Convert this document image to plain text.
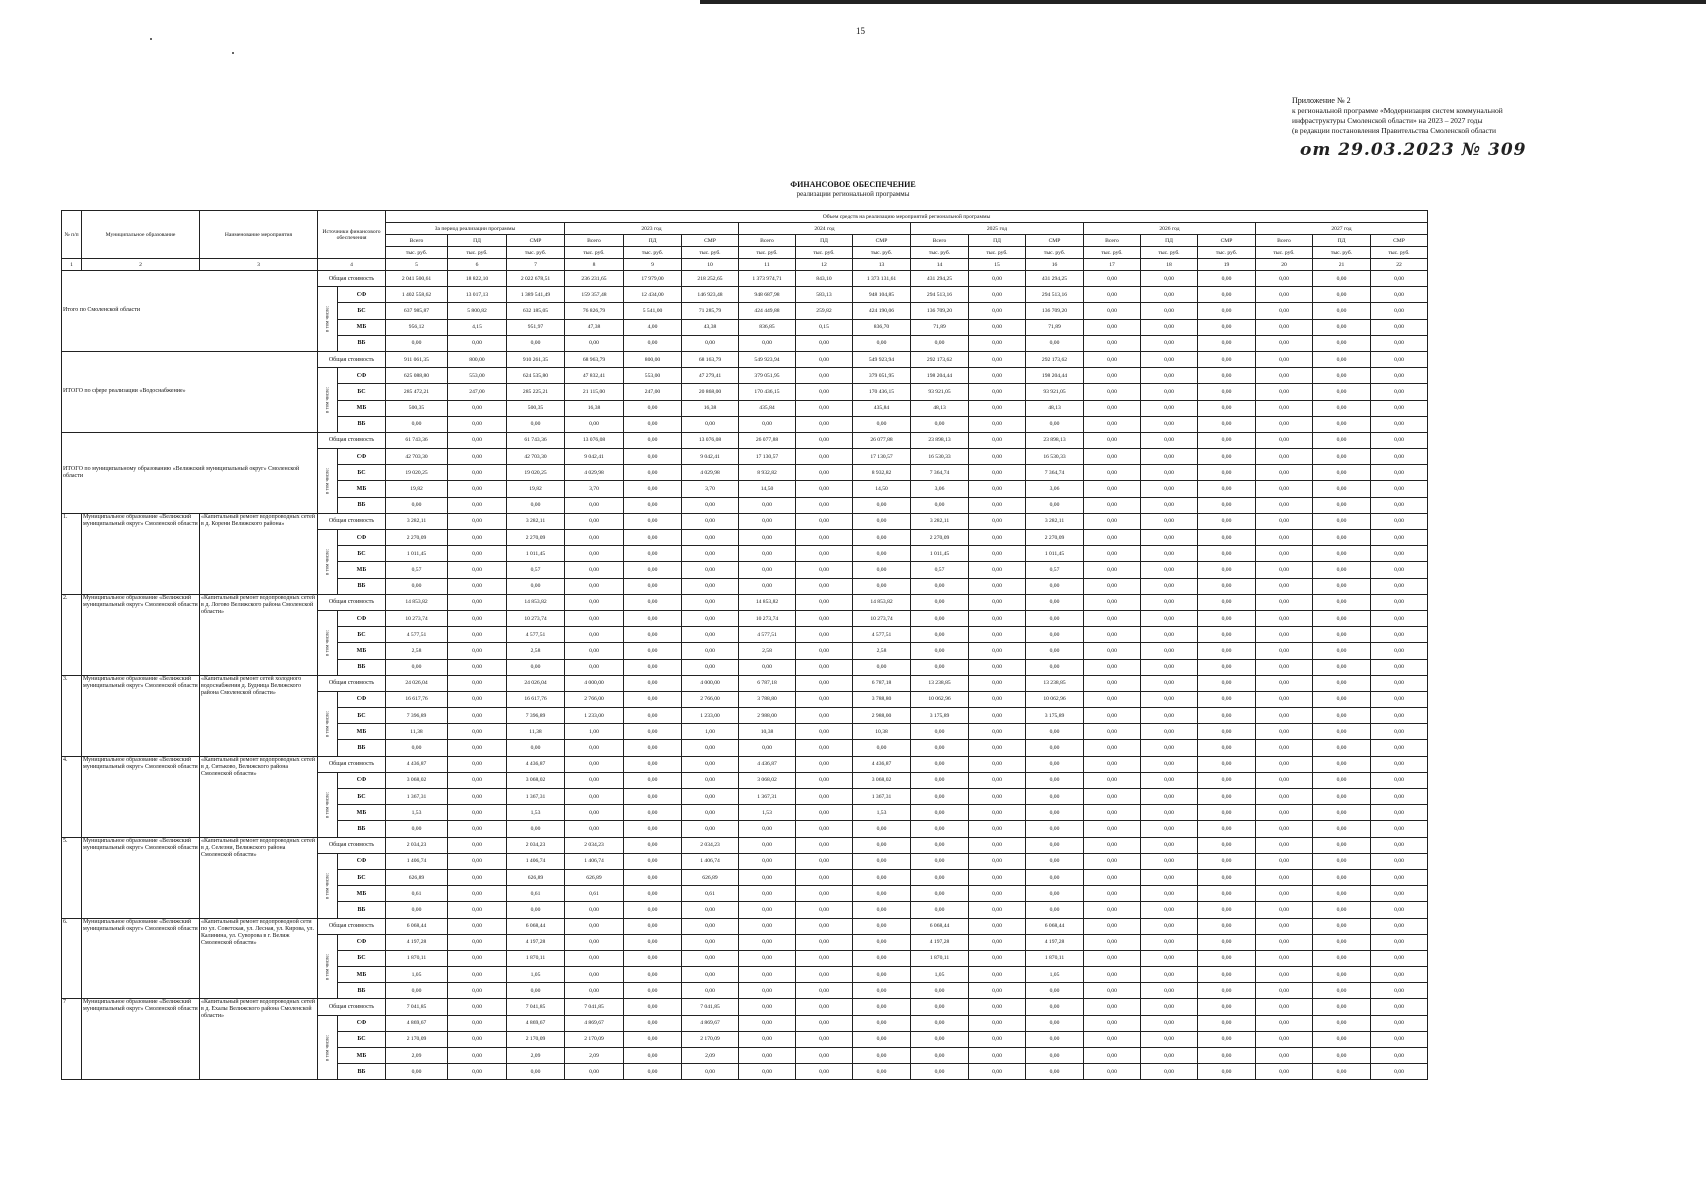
15
Приложение № 2
к региональной программе «Модернизация систем коммунальной
инфраструктуры Смоленской области» на 2023 – 2027 годы
(в редакции постановления Правительства Смоленской области
от 29.03.2023 № 309
ФИНАНСОВОЕ ОБЕСПЕЧЕНИЕ
реализации региональной программы
№ п/п	Муниципальное образование	Наименование мероприятия	Источники финансового обеспечения		Объем средств на реализацию мероприятий региональной программы																	
					За период реализации программы			2023 год			2024 год			2025 год			2026 год			2027 год		
					Всего	ПД	СМР	Всего	ПД	СМР	Всего	ПД	СМР	Всего	ПД	СМР	Всего	ПД	СМР	Всего	ПД	СМР
					тыс. руб.	тыс. руб.	тыс. руб.	тыс. руб.	тыс. руб.	тыс. руб.	тыс. руб.	тыс. руб.	тыс. руб.	тыс. руб.	тыс. руб.	тыс. руб.	тыс. руб.	тыс. руб.	тыс. руб.	тыс. руб.	тыс. руб.	тыс. руб.
1	2	3	4		5	6	7	8	9	10	11	12	13	14	15	16	17	18	19	20	21	22
Итого по Смоленской области			Общая стоимость		2 041 500,61	18 822,10	2 022 678,51	236 231,65	17 979,00	218 252,65	1 373 974,71	843,10	1 373 131,61	431 294,25	0,00	431 294,25	0,00	0,00	0,00	0,00	0,00	0,00

			в том числе:	СФ	1 402 558,62	13 017,13	1 389 541,49	159 357,48	12 434,00	146 923,48	948 687,98	583,13	948 104,85	294 513,16	0,00	294 513,16	0,00	0,00	0,00	0,00	0,00	0,00
				БС	637 985,87	5 800,82	632 185,05	76 826,79	5 541,00	71 285,79	424 449,88	259,82	424 190,06	136 709,20	0,00	136 709,20	0,00	0,00	0,00	0,00	0,00	0,00
				МБ	956,12	4,15	951,97	47,38	4,00	43,38	836,85	0,15	836,70	71,89	0,00	71,89	0,00	0,00	0,00	0,00	0,00	0,00
				ВБ	0,00	0,00	0,00	0,00	0,00	0,00	0,00	0,00	0,00	0,00	0,00	0,00	0,00	0,00	0,00	0,00	0,00	0,00
ИТОГО по сфере реализации «Водоснабжение»			Общая стоимость		911 061,35	800,00	910 261,35	68 963,79	800,00	68 163,79	549 923,94	0,00	549 923,94	292 173,62	0,00	292 173,62	0,00	0,00	0,00	0,00	0,00	0,00

			в том числе:	СФ	625 088,80	553,00	624 535,80	47 832,41	553,00	47 279,41	379 051,95	0,00	379 051,95	198 204,44	0,00	198 204,44	0,00	0,00	0,00	0,00	0,00	0,00
				БС	285 472,21	247,00	285 225,21	21 115,00	247,00	20 868,00	170 436,15	0,00	170 436,15	93 921,05	0,00	93 921,05	0,00	0,00	0,00	0,00	0,00	0,00
				МБ	500,35	0,00	500,35	16,38	0,00	16,38	435,84	0,00	435,84	48,13	0,00	48,13	0,00	0,00	0,00	0,00	0,00	0,00
				ВБ	0,00	0,00	0,00	0,00	0,00	0,00	0,00	0,00	0,00	0,00	0,00	0,00	0,00	0,00	0,00	0,00	0,00	0,00
ИТОГО по муниципальному образованию «Велижский муниципальный округ» Смоленской области			Общая стоимость		61 743,36	0,00	61 743,36	13 076,08	0,00	13 076,08	26 077,88	0,00	26 077,88	23 898,13	0,00	23 898,13	0,00	0,00	0,00	0,00	0,00	0,00

			в том числе:	СФ	42 703,30	0,00	42 703,30	9 042,41	0,00	9 042,41	17 130,57	0,00	17 130,57	16 530,33	0,00	16 530,33	0,00	0,00	0,00	0,00	0,00	0,00
				БС	19 020,25	0,00	19 020,25	4 029,98	0,00	4 029,98	8 932,82	0,00	8 932,82	7 364,74	0,00	7 364,74	0,00	0,00	0,00	0,00	0,00	0,00
				МБ	19,82	0,00	19,82	3,70	0,00	3,70	14,50	0,00	14,50	3,06	0,00	3,06	0,00	0,00	0,00	0,00	0,00	0,00
				ВБ	0,00	0,00	0,00	0,00	0,00	0,00	0,00	0,00	0,00	0,00	0,00	0,00	0,00	0,00	0,00	0,00	0,00	0,00
1.	Муниципальное образование «Велижский муниципальный округ» Смоленской области	«Капитальный ремонт водопроводных сетей в д. Корени Велижского района»	Общая стоимость		3 282,11	0,00	3 282,11	0,00	0,00	0,00	0,00	0,00	0,00	3 282,11	0,00	3 282,11	0,00	0,00	0,00	0,00	0,00	0,00

			в том числе:	СФ	2 270,09	0,00	2 270,09	0,00	0,00	0,00	0,00	0,00	0,00	2 270,09	0,00	2 270,09	0,00	0,00	0,00	0,00	0,00	0,00
				БС	1 011,45	0,00	1 011,45	0,00	0,00	0,00	0,00	0,00	0,00	1 011,45	0,00	1 011,45	0,00	0,00	0,00	0,00	0,00	0,00
				МБ	0,57	0,00	0,57	0,00	0,00	0,00	0,00	0,00	0,00	0,57	0,00	0,57	0,00	0,00	0,00	0,00	0,00	0,00
				ВБ	0,00	0,00	0,00	0,00	0,00	0,00	0,00	0,00	0,00	0,00	0,00	0,00	0,00	0,00	0,00	0,00	0,00	0,00
2.	Муниципальное образование «Велижский муниципальный округ» Смоленской области	«Капитальный ремонт водопроводных сетей в д. Логово Велижского района Смоленской области»	Общая стоимость		14 853,82	0,00	14 853,82	0,00	0,00	0,00	14 853,82	0,00	14 853,82	0,00	0,00	0,00	0,00	0,00	0,00	0,00	0,00	0,00

			в том числе:	СФ	10 273,74	0,00	10 273,74	0,00	0,00	0,00	10 273,74	0,00	10 273,74	0,00	0,00	0,00	0,00	0,00	0,00	0,00	0,00	0,00
				БС	4 577,51	0,00	4 577,51	0,00	0,00	0,00	4 577,51	0,00	4 577,51	0,00	0,00	0,00	0,00	0,00	0,00	0,00	0,00	0,00
				МБ	2,58	0,00	2,58	0,00	0,00	0,00	2,58	0,00	2,58	0,00	0,00	0,00	0,00	0,00	0,00	0,00	0,00	0,00
				ВБ	0,00	0,00	0,00	0,00	0,00	0,00	0,00	0,00	0,00	0,00	0,00	0,00	0,00	0,00	0,00	0,00	0,00	0,00
3.	Муниципальное образование «Велижский муниципальный округ» Смоленской области	«Капитальный ремонт сетей холодного водоснабжения д. Будница Велижского района Смоленской области»	Общая стоимость		24 026,04	0,00	24 026,04	4 000,00	0,00	4 000,00	6 787,18	0,00	6 787,18	13 238,85	0,00	13 238,85	0,00	0,00	0,00	0,00	0,00	0,00

			в том числе:	СФ	16 617,76	0,00	16 617,76	2 766,00	0,00	2 766,00	3 788,80	0,00	3 788,80	10 062,96	0,00	10 062,96	0,00	0,00	0,00	0,00	0,00	0,00
				БС	7 396,89	0,00	7 396,89	1 233,00	0,00	1 233,00	2 988,00	0,00	2 988,00	3 175,89	0,00	3 175,89	0,00	0,00	0,00	0,00	0,00	0,00
				МБ	11,38	0,00	11,38	1,00	0,00	1,00	10,38	0,00	10,38	0,00	0,00	0,00	0,00	0,00	0,00	0,00	0,00	0,00
				ВБ	0,00	0,00	0,00	0,00	0,00	0,00	0,00	0,00	0,00	0,00	0,00	0,00	0,00	0,00	0,00	0,00	0,00	0,00
4.	Муниципальное образование «Велижский муниципальный округ» Смоленской области	«Капитальный ремонт водопроводных сетей в д. Ситьково, Велижского района Смоленской области»	Общая стоимость		4 436,87	0,00	4 436,87	0,00	0,00	0,00	4 436,87	0,00	4 436,87	0,00	0,00	0,00	0,00	0,00	0,00	0,00	0,00	0,00

			в том числе:	СФ	3 068,02	0,00	3 068,02	0,00	0,00	0,00	3 068,02	0,00	3 068,02	0,00	0,00	0,00	0,00	0,00	0,00	0,00	0,00	0,00
				БС	1 367,31	0,00	1 367,31	0,00	0,00	0,00	1 367,31	0,00	1 367,31	0,00	0,00	0,00	0,00	0,00	0,00	0,00	0,00	0,00
				МБ	1,53	0,00	1,53	0,00	0,00	0,00	1,53	0,00	1,53	0,00	0,00	0,00	0,00	0,00	0,00	0,00	0,00	0,00
				ВБ	0,00	0,00	0,00	0,00	0,00	0,00	0,00	0,00	0,00	0,00	0,00	0,00	0,00	0,00	0,00	0,00	0,00	0,00
5.	Муниципальное образование «Велижский муниципальный округ» Смоленской области	«Капитальный ремонт водопроводных сетей в д. Селезни, Велижского района Смоленской области»	Общая стоимость		2 034,23	0,00	2 034,23	2 034,23	0,00	2 034,23	0,00	0,00	0,00	0,00	0,00	0,00	0,00	0,00	0,00	0,00	0,00	0,00

			в том числе:	СФ	1 406,74	0,00	1 406,74	1 406,74	0,00	1 406,74	0,00	0,00	0,00	0,00	0,00	0,00	0,00	0,00	0,00	0,00	0,00	0,00
				БС	626,89	0,00	626,89	626,89	0,00	626,89	0,00	0,00	0,00	0,00	0,00	0,00	0,00	0,00	0,00	0,00	0,00	0,00
				МБ	0,61	0,00	0,61	0,61	0,00	0,61	0,00	0,00	0,00	0,00	0,00	0,00	0,00	0,00	0,00	0,00	0,00	0,00
				ВБ	0,00	0,00	0,00	0,00	0,00	0,00	0,00	0,00	0,00	0,00	0,00	0,00	0,00	0,00	0,00	0,00	0,00	0,00
6.	Муниципальное образование «Велижский муниципальный округ» Смоленской области	«Капитальный ремонт водопроводной сети по ул. Советская, ул. Лесная, ул. Кирова, ул. Калинина, ул. Суворова в г. Велиж Смоленской области»	Общая стоимость		6 068,44	0,00	6 068,44	0,00	0,00	0,00	0,00	0,00	0,00	6 068,44	0,00	6 068,44	0,00	0,00	0,00	0,00	0,00	0,00

			в том числе:	СФ	4 197,28	0,00	4 197,28	0,00	0,00	0,00	0,00	0,00	0,00	4 197,28	0,00	4 197,28	0,00	0,00	0,00	0,00	0,00	0,00
				БС	1 870,11	0,00	1 870,11	0,00	0,00	0,00	0,00	0,00	0,00	1 870,11	0,00	1 870,11	0,00	0,00	0,00	0,00	0,00	0,00
				МБ	1,05	0,00	1,05	0,00	0,00	0,00	0,00	0,00	0,00	1,05	0,00	1,05	0,00	0,00	0,00	0,00	0,00	0,00
				ВБ	0,00	0,00	0,00	0,00	0,00	0,00	0,00	0,00	0,00	0,00	0,00	0,00	0,00	0,00	0,00	0,00	0,00	0,00
7	Муниципальное образование «Велижский муниципальный округ» Смоленской области	«Капитальный ремонт водопроводных сетей в д. Ехалы Велижского района Смоленской области»	Общая стоимость		7 041,85	0,00	7 041,85	7 041,85	0,00	7 041,85	0,00	0,00	0,00	0,00	0,00	0,00	0,00	0,00	0,00	0,00	0,00	0,00

			в том числе:	СФ	4 869,67	0,00	4 869,67	4 869,67	0,00	4 869,67	0,00	0,00	0,00	0,00	0,00	0,00	0,00	0,00	0,00	0,00	0,00	0,00
				БС	2 170,09	0,00	2 170,09	2 170,09	0,00	2 170,09	0,00	0,00	0,00	0,00	0,00	0,00	0,00	0,00	0,00	0,00	0,00	0,00
				МБ	2,09	0,00	2,09	2,09	0,00	2,09	0,00	0,00	0,00	0,00	0,00	0,00	0,00	0,00	0,00	0,00	0,00	0,00
				ВБ	0,00	0,00	0,00	0,00	0,00	0,00	0,00	0,00	0,00	0,00	0,00	0,00	0,00	0,00	0,00	0,00	0,00	0,00
